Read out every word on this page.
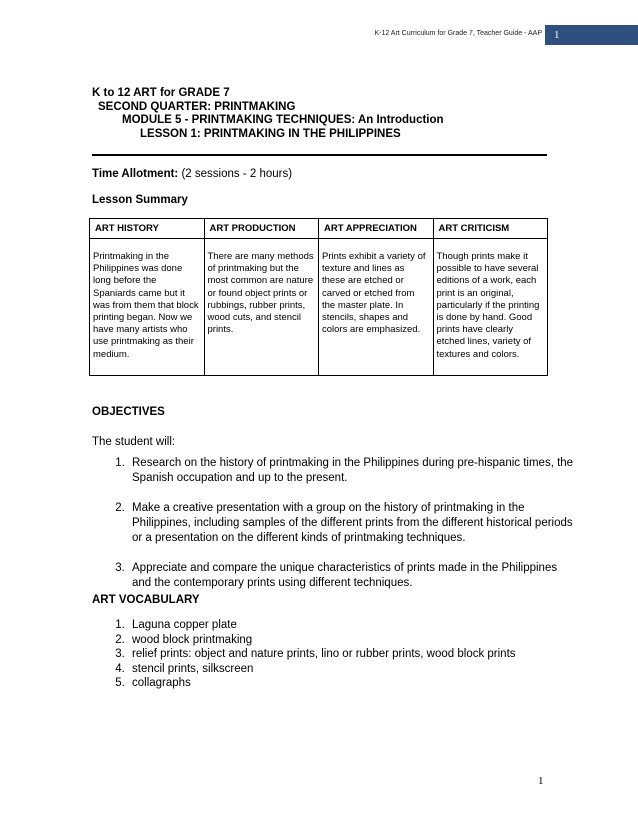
K-12 Art Curriculum for Grade 7, Teacher Guide - AAP	1
K to 12 ART for GRADE 7
SECOND QUARTER: PRINTMAKING
MODULE 5 - PRINTMAKING TECHNIQUES: An Introduction
LESSON 1: PRINTMAKING IN THE PHILIPPINES
Time Allotment: (2 sessions - 2 hours)
Lesson Summary
ART HISTORY	ART PRODUCTION	ART APPRECIATION	ART CRITICISM
Printmaking in the Philippines was done long before the Spaniards came but it was from them that block printing began. Now we have many artists who use printmaking as their medium.	There are many methods of printmaking but the most common are nature or found object prints or rubbings, rubber prints, wood cuts, and stencil prints.	Prints exhibit a variety of texture and lines as these are etched or carved or etched from the master plate. In stencils, shapes and colors are emphasized.	Though prints make it possible to have several editions of a work, each print is an original, particularly if the printing is done by hand. Good prints have clearly etched lines, variety of textures and colors.
OBJECTIVES
The student will:
1. Research on the history of printmaking in the Philippines during pre-hispanic times, the Spanish occupation and up to the present.
2. Make a creative presentation with a group on the history of printmaking in the Philippines, including samples of the different prints from the different historical periods or a presentation on the different kinds of printmaking techniques.
3. Appreciate and compare the unique characteristics of prints made in the Philippines and the contemporary prints using different techniques.
ART VOCABULARY
1. Laguna copper plate
2. wood block printmaking
3. relief prints: object and nature prints, lino or rubber prints, wood block prints
4. stencil prints, silkscreen
5. collagraphs
1
